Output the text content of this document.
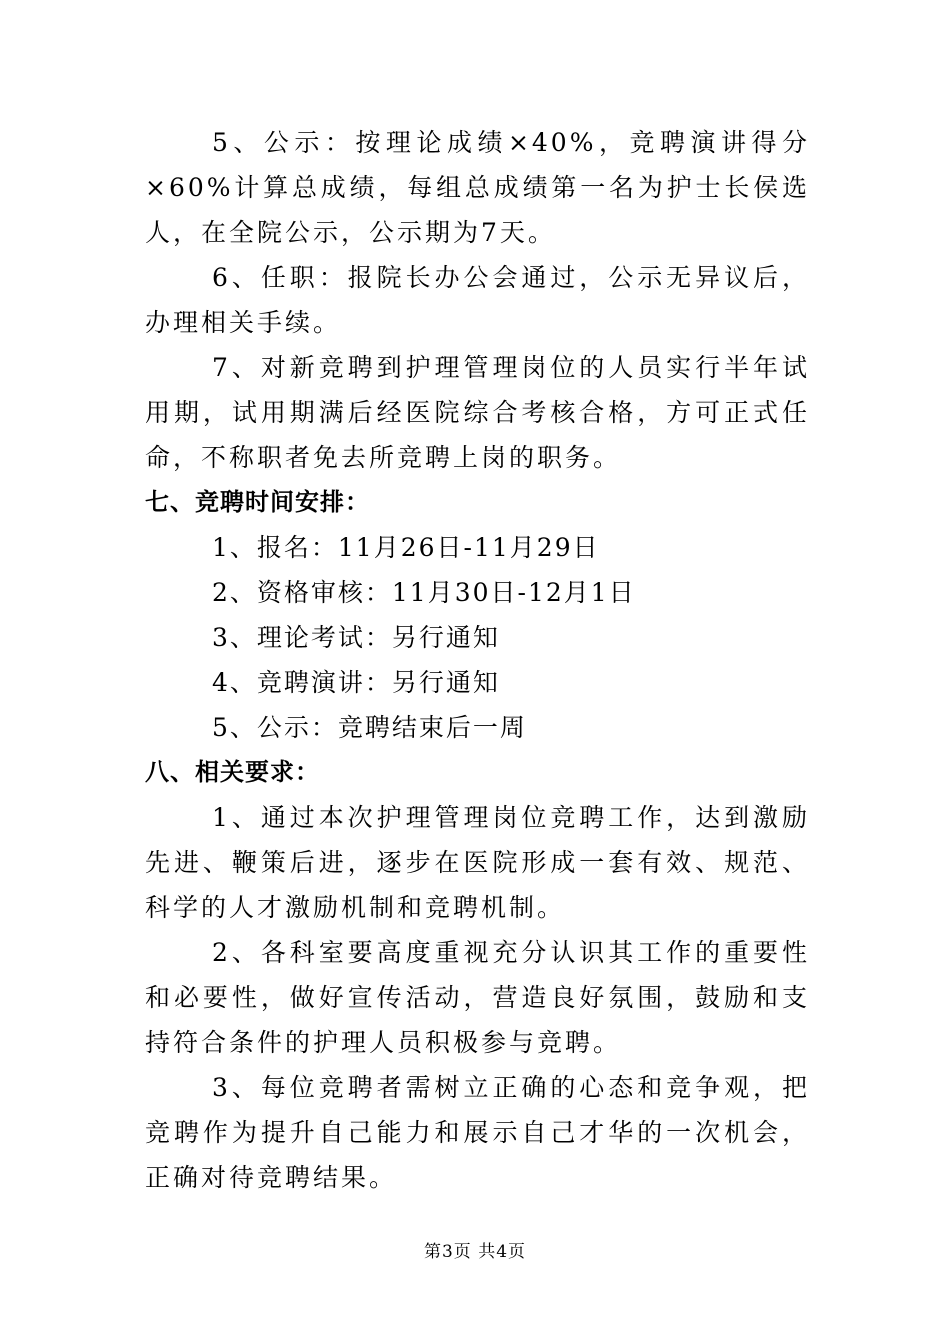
5、公示：按理论成绩×40%，竞聘演讲得分×60%计算总成绩，每组总成绩第一名为护士长侯选人，在全院公示，公示期为7天。

6、任职：报院长办公会通过，公示无异议后，办理相关手续。

7、对新竞聘到护理管理岗位的人员实行半年试用期，试用期满后经医院综合考核合格，方可正式任命，不称职者免去所竞聘上岗的职务。

七、竞聘时间安排：

1、报名：11月26日-11月29日

2、资格审核：11月30日-12月1日

3、理论考试：另行通知

4、竞聘演讲：另行通知

5、公示：竞聘结束后一周

八、相关要求：

1、通过本次护理管理岗位竞聘工作，达到激励先进、鞭策后进，逐步在医院形成一套有效、规范、科学的人才激励机制和竞聘机制。

2、各科室要高度重视充分认识其工作的重要性和必要性，做好宣传活动，营造良好氛围，鼓励和支持符合条件的护理人员积极参与竞聘。

3、每位竞聘者需树立正确的心态和竞争观，把竞聘作为提升自己能力和展示自己才华的一次机会，正确对待竞聘结果。

第3页 共4页
